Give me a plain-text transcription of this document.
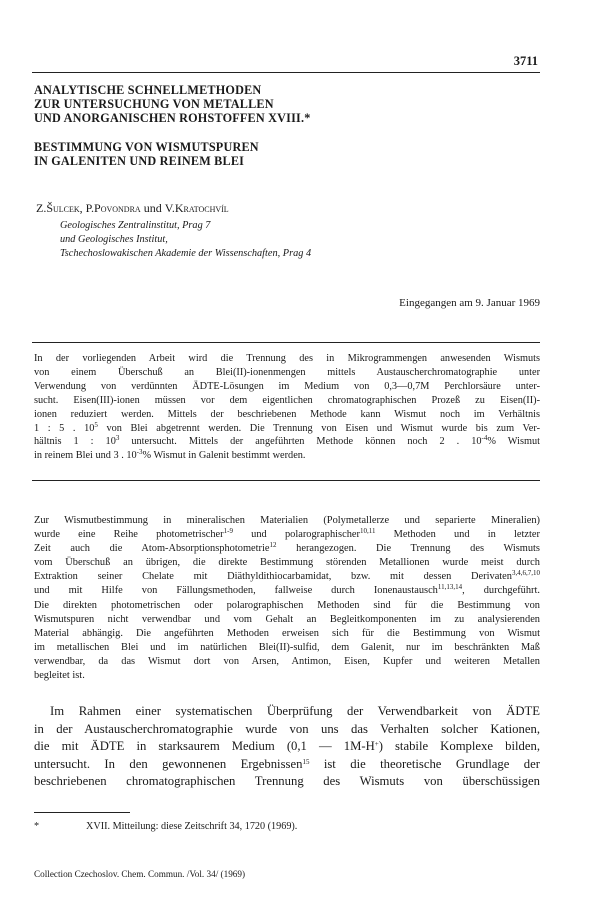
3711
ANALYTISCHE SCHNELLMETHODEN
ZUR UNTERSUCHUNG VON METALLEN
UND ANORGANISCHEN ROHSTOFFEN XVIII.*
BESTIMMUNG VON WISMUTSPUREN
IN GALENITEN UND REINEM BLEI
Z.Šulcek, P.Povondra und V.Kratochvíl
Geologisches Zentralinstitut, Prag 7
und Geologisches Institut,
Tschechoslowakischen Akademie der Wissenschaften, Prag 4
Eingegangen am 9. Januar 1969
In der vorliegenden Arbeit wird die Trennung des in Mikrogrammengen anwesenden Wismuts
von einem Überschuß an Blei(II)-ionenmengen mittels Austauscherchromatographie unter
Verwendung von verdünnten ÄDTE-Lösungen im Medium von 0,3—0,7M Perchlorsäure unter-
sucht. Eisen(III)-ionen müssen vor dem eigentlichen chromatographischen Prozeß zu Eisen(II)-
ionen reduziert werden. Mittels der beschriebenen Methode kann Wismut noch im Verhältnis
1 : 5 . $10^5$ von Blei abgetrennt werden. Die Trennung von Eisen und Wismut wurde bis zum Ver-
hältnis 1 : $10^3$ untersucht. Mittels der angeführten Methode können noch 2 . $10^{-4}\%$ Wismut
in reinem Blei und 3 . $10^{-3}\%$ Wismut in Galenit bestimmt werden.
Zur Wismutbestimmung in mineralischen Materialien (Polymetallerze und separierte Mineralien)
wurde eine Reihe photometrischer$^{1-9}$ und polarographischer$^{10,11}$ Methoden und in letzter
Zeit auch die Atom-Absorptionsphotometrie$^{12}$ herangezogen. Die Trennung des Wismuts
vom Überschuß an übrigen, die direkte Bestimmung störenden Metallionen wurde meist durch
Extraktion seiner Chelate mit Diäthyldithiocarbamidat, bzw. mit dessen Derivaten$^{3,4,6,7,10}$
und mit Hilfe von Fällungsmethoden, fallweise durch Ionenaustausch$^{11,13,14}$, durchgeführt.
Die direkten photometrischen oder polarographischen Methoden sind für die Bestimmung von
Wismutspuren nicht verwendbar und vom Gehalt an Begleitkomponenten im zu analysierenden
Material abhängig. Die angeführten Methoden erweisen sich für die Bestimmung von Wismut
im metallischen Blei und im natürlichen Blei(II)-sulfid, dem Galenit, nur im beschränkten Maß
verwendbar, da das Wismut dort von Arsen, Antimon, Eisen, Kupfer und weiteren Metallen
begleitet ist.
Im Rahmen einer systematischen Überprüfung der Verwendbarkeit von ÄDTE
in der Austauscherchromatographie wurde von uns das Verhalten solcher Kationen,
die mit ÄDTE in starksaurem Medium (0,1 — 1M-H+) stabile Komplexe bilden,
untersucht. In den gewonnenen Ergebnissen$^{15}$ ist die theoretische Grundlage der
beschriebenen chromatographischen Trennung des Wismuts von überschüssigen
*	XVII. Mitteilung: diese Zeitschrift 34, 1720 (1969).
Collection Czechoslov. Chem. Commun. /Vol. 34/ (1969)
